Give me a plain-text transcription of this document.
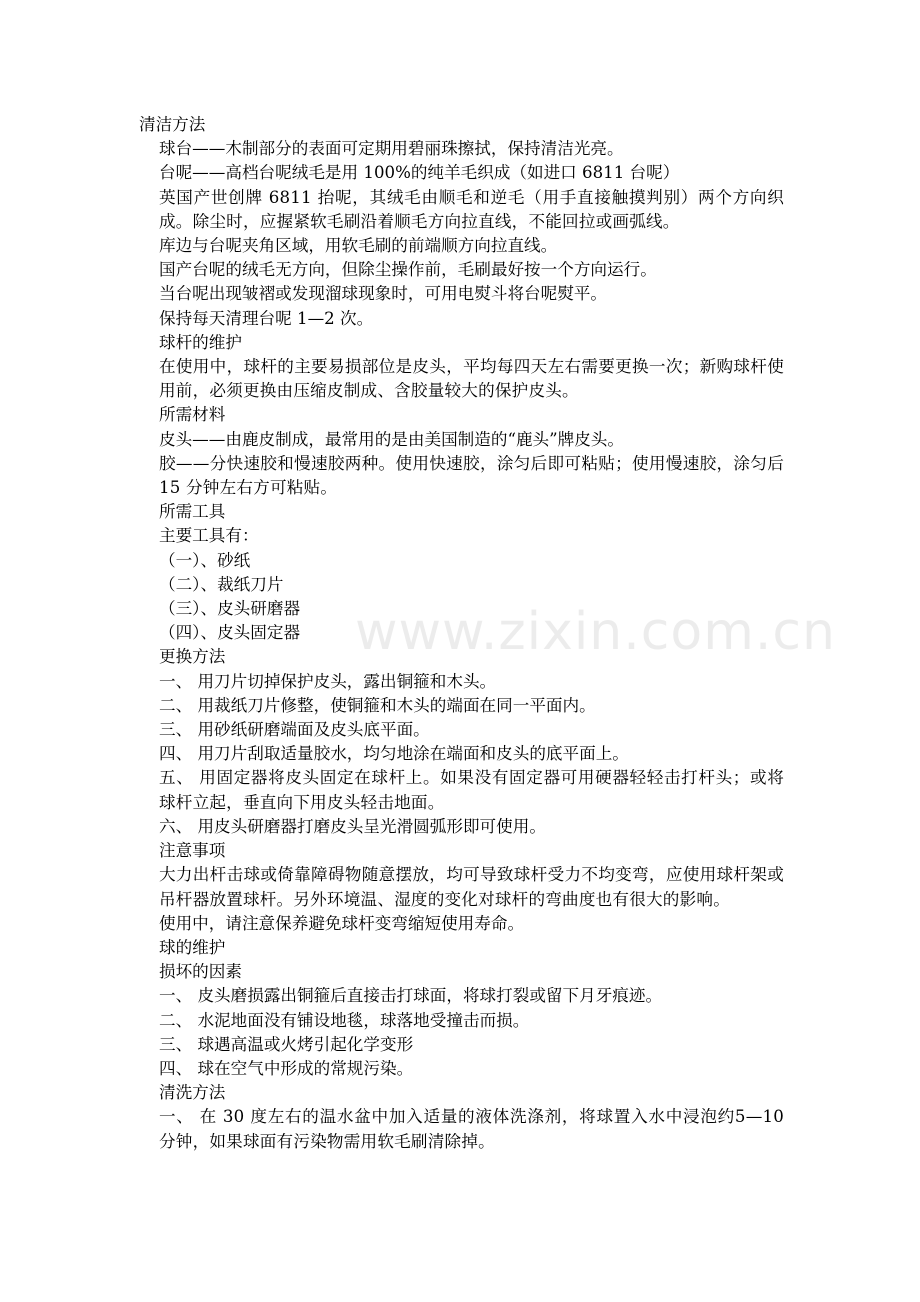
清洁方法

球台——木制部分的表面可定期用碧丽珠擦拭，保持清洁光亮。

台呢——高档台呢绒毛是用 100%的纯羊毛织成（如进口 6811 台呢）

英国产世创牌 6811 抬呢，其绒毛由顺毛和逆毛（用手直接触摸判别）两个方向织成。除尘时，应握紧软毛刷沿着顺毛方向拉直线，不能回拉或画弧线。

库边与台呢夹角区域，用软毛刷的前端顺方向拉直线。

国产台呢的绒毛无方向，但除尘操作前，毛刷最好按一个方向运行。

当台呢出现皱褶或发现溜球现象时，可用电熨斗将台呢熨平。

保持每天清理台呢 1—2 次。

球杆的维护

在使用中，球杆的主要易损部位是皮头，平均每四天左右需要更换一次；新购球杆使用前，必须更换由压缩皮制成、含胶量较大的保护皮头。

所需材料

皮头——由鹿皮制成，最常用的是由美国制造的“鹿头”牌皮头。

胶——分快速胶和慢速胶两种。使用快速胶，涂匀后即可粘贴；使用慢速胶，涂匀后 15 分钟左右方可粘贴。

所需工具

主要工具有：

（一）、砂纸

（二）、裁纸刀片

（三）、皮头研磨器

（四）、皮头固定器

更换方法

一、 用刀片切掉保护皮头，露出铜箍和木头。

二、 用裁纸刀片修整，使铜箍和木头的端面在同一平面内。

三、 用砂纸研磨端面及皮头底平面。

四、 用刀片刮取适量胶水，均匀地涂在端面和皮头的底平面上。

五、 用固定器将皮头固定在球杆上。如果没有固定器可用硬器轻轻击打杆头；或将球杆立起，垂直向下用皮头轻击地面。

六、 用皮头研磨器打磨皮头呈光滑圆弧形即可使用。

注意事项

大力出杆击球或倚靠障碍物随意摆放，均可导致球杆受力不均变弯，应使用球杆架或吊杆器放置球杆。另外环境温、湿度的变化对球杆的弯曲度也有很大的影响。

使用中，请注意保养避免球杆变弯缩短使用寿命。

球的维护

损坏的因素

一、 皮头磨损露出铜箍后直接击打球面，将球打裂或留下月牙痕迹。

二、 水泥地面没有铺设地毯，球落地受撞击而损。

三、 球遇高温或火烤引起化学变形

四、 球在空气中形成的常规污染。

清洗方法

一、 在 30 度左右的温水盆中加入适量的液体洗涤剂，将球置入水中浸泡约5—10 分钟，如果球面有污染物需用软毛刷清除掉。

www.zixin.com.cn
